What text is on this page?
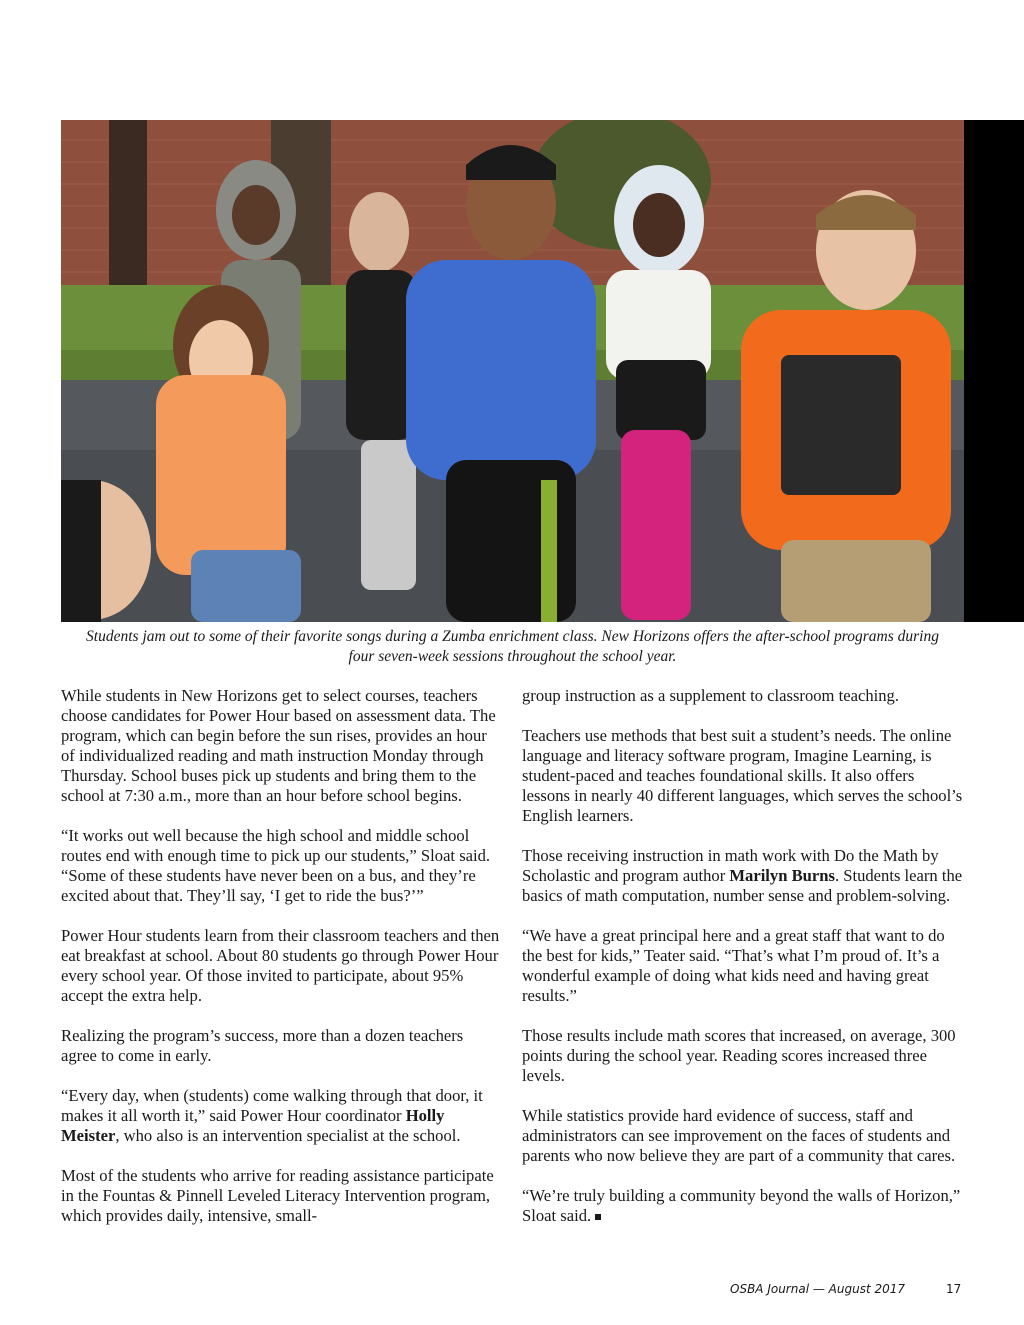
Students jam out to some of their favorite songs during a Zumba enrichment class. New Horizons offers the after-school programs during
four seven-week sessions throughout the school year.

While students in New Horizons get to select courses, teachers choose candidates for Power Hour based on assessment data. The program, which can begin before the sun rises, provides an hour of individualized reading and math instruction Monday through Thursday. School buses pick up students and bring them to the school at 7:30 a.m., more than an hour before school begins.

“It works out well because the high school and middle school routes end with enough time to pick up our students,” Sloat said. “Some of these students have never been on a bus, and they’re excited about that. They’ll say, ‘I get to ride the bus?’”

Power Hour students learn from their classroom teachers and then eat breakfast at school. About 80 students go through Power Hour every school year. Of those invited to participate, about 95% accept the extra help.

Realizing the program’s success, more than a dozen teachers agree to come in early.

“Every day, when (students) come walking through that door, it makes it all worth it,” said Power Hour coordinator Holly Meister, who also is an intervention specialist at the school.

Most of the students who arrive for reading assistance participate in the Fountas & Pinnell Leveled Literacy Intervention program, which provides daily, intensive, small-

group instruction as a supplement to classroom teaching.

Teachers use methods that best suit a student’s needs. The online language and literacy software program, Imagine Learning, is student-paced and teaches foundational skills. It also offers lessons in nearly 40 different languages, which serves the school’s English learners.

Those receiving instruction in math work with Do the Math by Scholastic and program author Marilyn Burns. Students learn the basics of math computation, number sense and problem-solving.

“We have a great principal here and a great staff that want to do the best for kids,” Teater said. “That’s what I’m proud of. It’s a wonderful example of doing what kids need and having great results.”

Those results include math scores that increased, on average, 300 points during the school year. Reading scores increased three levels.

While statistics provide hard evidence of success, staff and administrators can see improvement on the faces of students and parents who now believe they are part of a community that cares.

“We’re truly building a community beyond the walls of Horizon,” Sloat said.

OSBA Journal — August 2017	17
